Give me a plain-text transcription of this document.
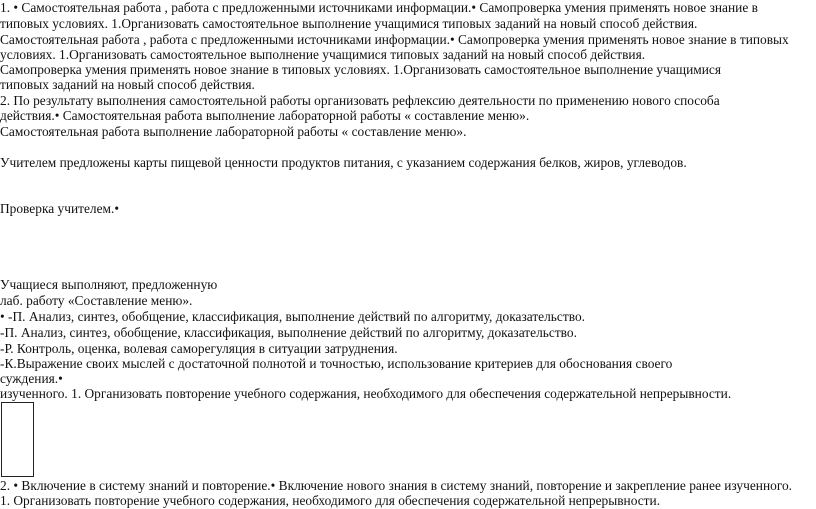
1. • Самостоятельная работа , работа с предложенными источниками информации.• Самопроверка умения применять новое знание в
типовых условиях. 1.Организовать самостоятельное выполнение учащимися типовых заданий на новый способ действия.
Самостоятельная работа , работа с предложенными источниками информации.• Самопроверка умения применять новое знание в типовых
условиях. 1.Организовать самостоятельное выполнение учащимися типовых заданий на новый способ действия.
Самопроверка умения применять новое знание в типовых условиях. 1.Организовать самостоятельное выполнение учащимися
типовых заданий на новый способ действия.
2. По результату выполнения самостоятельной работы организовать рефлексию деятельности по применению нового способа
действия.• Самостоятельная работа выполнение лабораторной работы « составление меню».
Самостоятельная работа выполнение лабораторной работы « составление меню».
Учителем предложены карты пищевой ценности продуктов питания, с указанием содержания белков, жиров, углеводов.
Проверка учителем.•
Учащиеся выполняют, предложенную
лаб. работу «Составление меню».
• -П. Анализ, синтез, обобщение, классификация, выполнение действий по алгоритму, доказательство.
-П. Анализ, синтез, обобщение, классификация, выполнение действий по алгоритму, доказательство.
-Р. Контроль, оценка, волевая саморегуляция в ситуации затруднения.
-К.Выражение своих мыслей с достаточной полнотой и точностью, использование критериев для обоснования своего
суждения.•
изученного. 1. Организовать повторение учебного содержания, необходимого для обеспечения содержательной непрерывности.
2. • Включение в систему знаний и повторение.• Включение нового знания в систему знаний, повторение и закрепление ранее изученного.
1. Организовать повторение учебного содержания, необходимого для обеспечения содержательной непрерывности.
